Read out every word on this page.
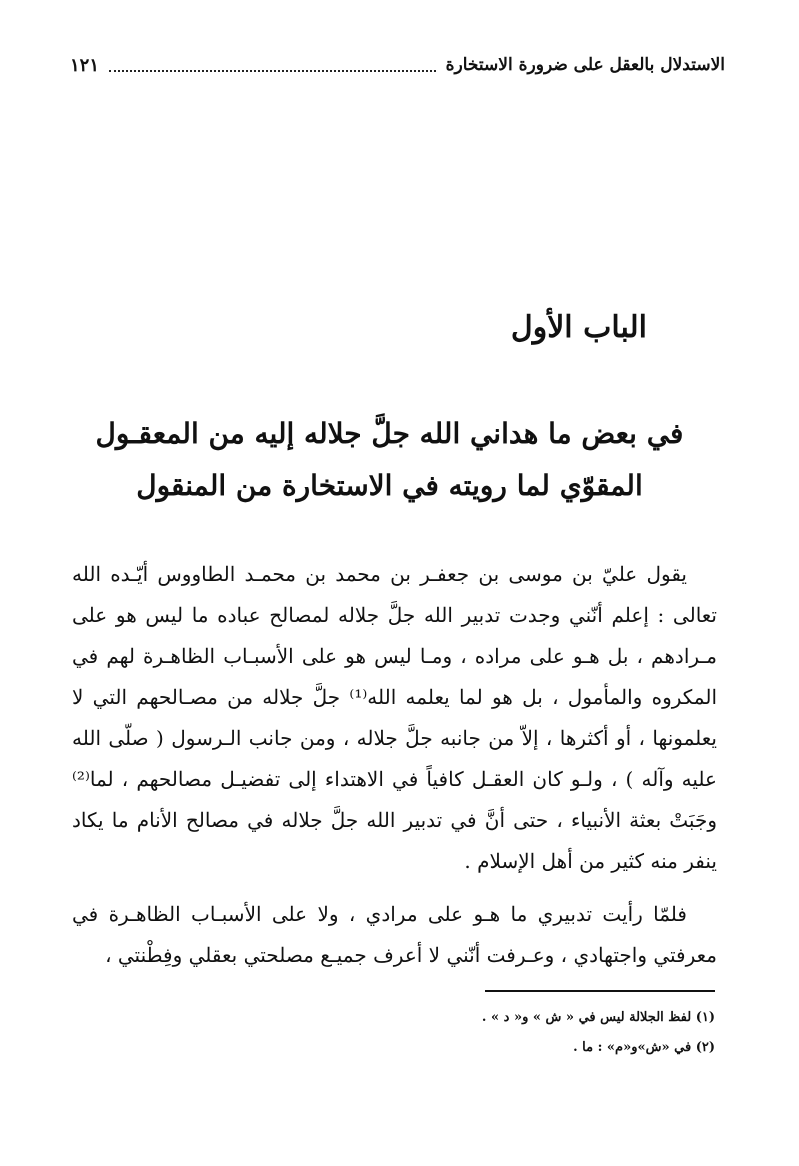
الاستدلال بالعقل على ضرورة الاستخارة
١٢١
الباب الأول
في بعض ما هداني الله جلَّ جلاله إليه من المعقـول
المقوّي لما رويته في الاستخارة من المنقول

يقول عليّ بن موسى بن جعفـر بن محمد بن محمـد الطاووس أيّـده الله تعالى : إعلم أنّني وجدت تدبير الله جلَّ جلاله لمصالح عباده ما ليس هو على مـرادهم ، بل هـو على مراده ، ومـا ليس هو على الأسبـاب الظاهـرة لهم في المكروه والمأمول ، بل هو لما يعلمه الله⁽¹⁾ جلَّ جلاله من مصـالحهم التي لا يعلمونها ، أو أكثرها ، إلاّ من جانبه جلَّ جلاله ، ومن جانب الـرسول ( صلّى الله عليه وآله ) ، ولـو كان العقـل كافياً في الاهتداء إلى تفضيـل مصالحهم ، لما⁽²⁾ وجَبَتْ بعثة الأنبياء ، حتى أنَّ في تدبير الله جلَّ جلاله في مصالح الأنام ما يكاد ينفر منه كثير من أهل الإسلام .

فلمّا رأيت تدبيري ما هـو على مرادي ، ولا على الأسبـاب الظاهـرة في معرفتي واجتهادي ، وعـرفت أنّني لا أعرف جميـع مصلحتي بعقلي وفِطْنتي ،

(١) لفظ الجلالة ليس في « ش » و« د » .
(٢) في «ش»و«م» : ما .
